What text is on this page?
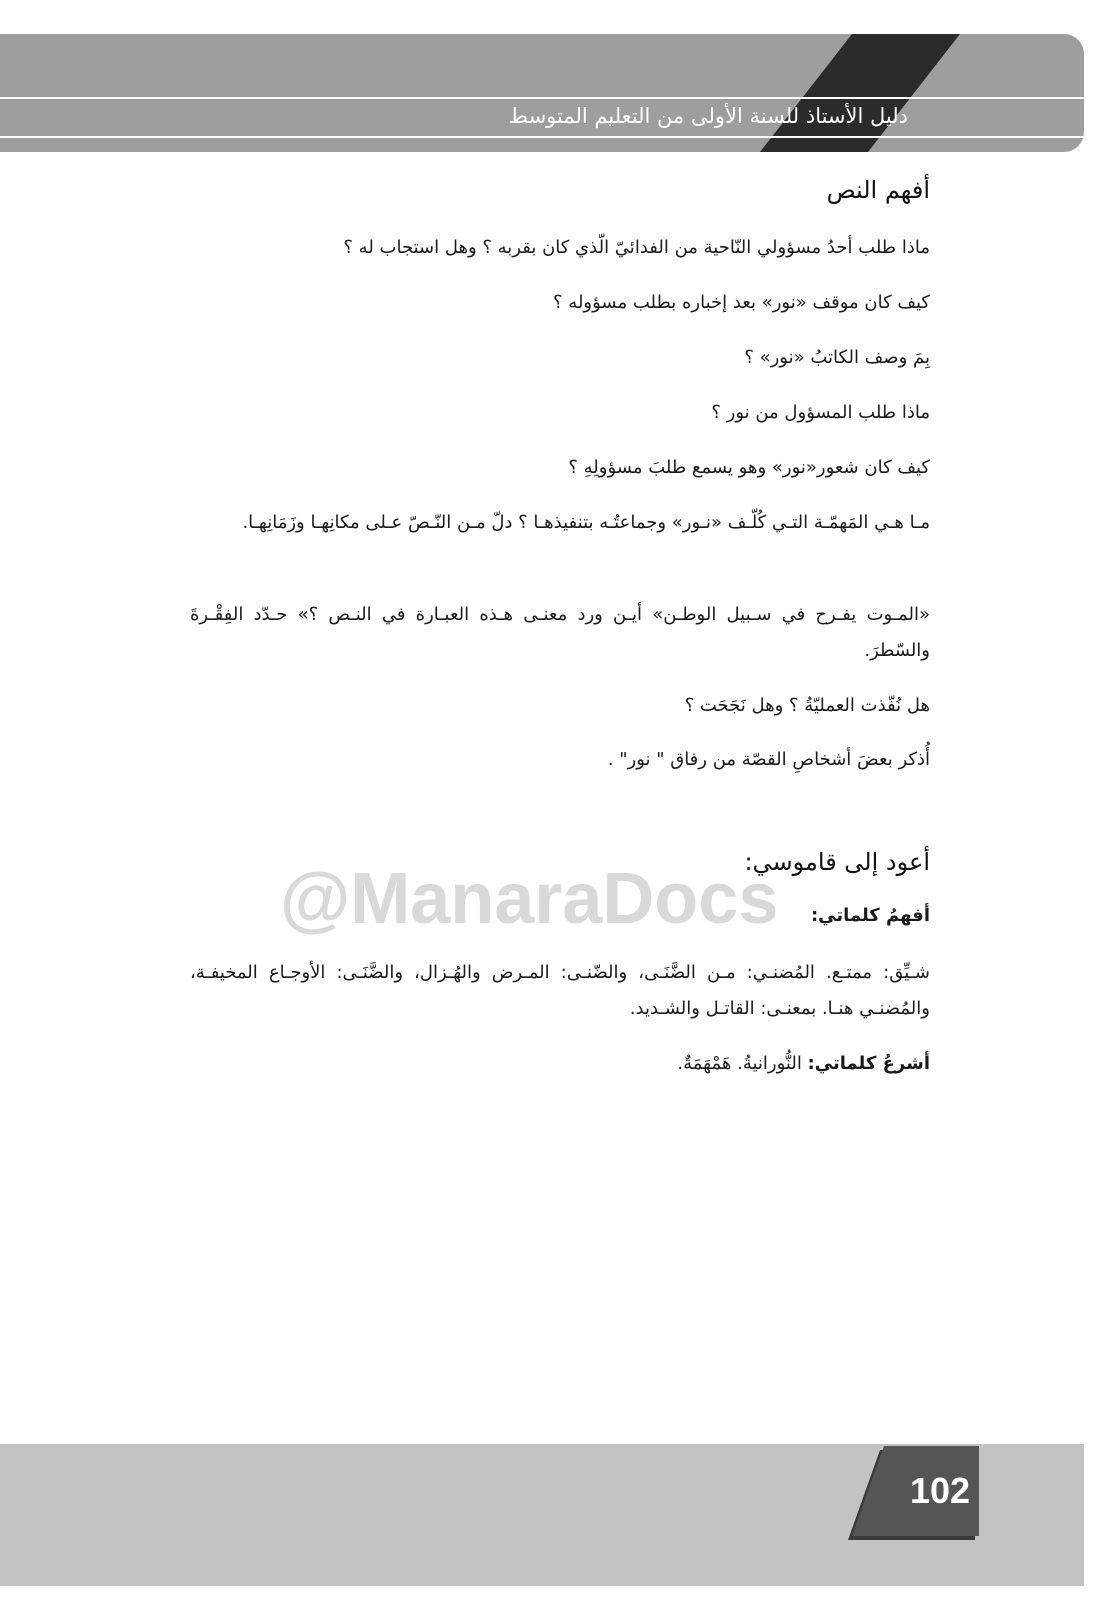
دليل الأستاذ للسنة الأولى من التعليم المتوسط
أفهم النص
ماذا طلب أحدُ مسؤولي النّاحية من الفدائيّ الّذي كان بقربه ؟ وهل استجاب له ؟
كيف كان موقف «نور» بعد إخباره بطلب مسؤوله ؟
بِمَ وصف الكاتبُ «نور» ؟
ماذا طلب المسؤول من نور ؟
كيف كان شعور«نور» وهو يسمع طلبَ مسؤولِهِ ؟
مـا هـي المَهمّـة التـي كُلّـف «نـور» وجماعتُـه بتنفيذهـا ؟ دلّ مـن النّـصّ عـلى مكانِهـا وزَمَانِهـا.
«المـوت يفـرح في سـبيل الوطـن» أيـن ورد معنـى هـذه العبـارة في النـص ؟» حـدّد الفِقْـرةَ والسّطرَ.
هل نُفّذت العمليّةُ ؟ وهل نَجَحَت ؟
أُذكر بعضَ أشخاصِ القصّة من رفاق " نور" .
@ManaraDocs
أعود إلى قاموسي:
أفهمُ كلماتي:
شـيِّق: ممتـع. المُضنـي: مـن الضَّنَـى، والضّنـى: المـرض والهُـزال، والضَّنَـى: الأوجـاع المخيفـة، والمُضنـي هنـا. بمعنـى: القاتـل والشـديد.
أشرعُ كلماتي: النُّورانيةُ. هَمْهَمَةٌ.
102
